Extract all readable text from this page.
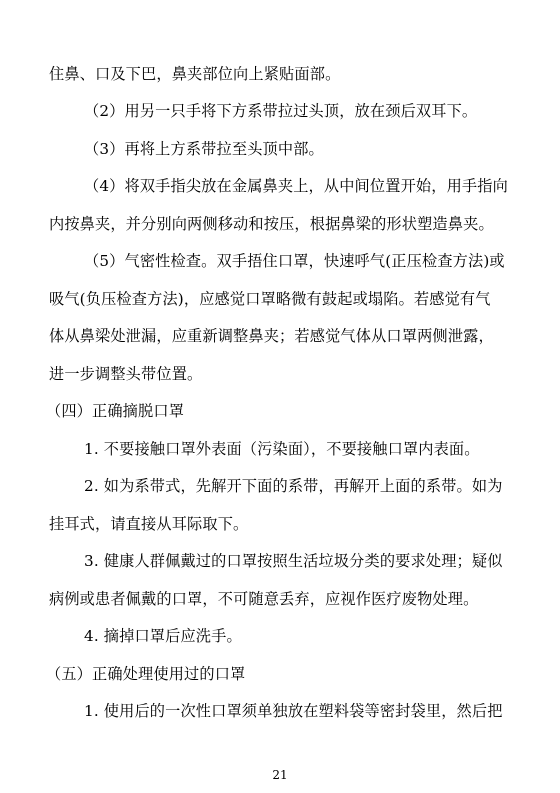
住鼻、口及下巴，鼻夹部位向上紧贴面部。
（2）用另一只手将下方系带拉过头顶，放在颈后双耳下。
（3）再将上方系带拉至头顶中部。
（4）将双手指尖放在金属鼻夹上，从中间位置开始，用手指向
内按鼻夹，并分别向两侧移动和按压，根据鼻梁的形状塑造鼻夹。
（5）气密性检查。双手捂住口罩，快速呼气(正压检查方法)或
吸气(负压检查方法)，应感觉口罩略微有鼓起或塌陷。若感觉有气
体从鼻梁处泄漏，应重新调整鼻夹；若感觉气体从口罩两侧泄露，
进一步调整头带位置。
（四）正确摘脱口罩
1. 不要接触口罩外表面（污染面），不要接触口罩内表面。
2. 如为系带式，先解开下面的系带，再解开上面的系带。如为
挂耳式，请直接从耳际取下。
3. 健康人群佩戴过的口罩按照生活垃圾分类的要求处理；疑似
病例或患者佩戴的口罩，不可随意丢弃，应视作医疗废物处理。
4. 摘掉口罩后应洗手。
（五）正确处理使用过的口罩
1. 使用后的一次性口罩须单独放在塑料袋等密封袋里，然后把
21
